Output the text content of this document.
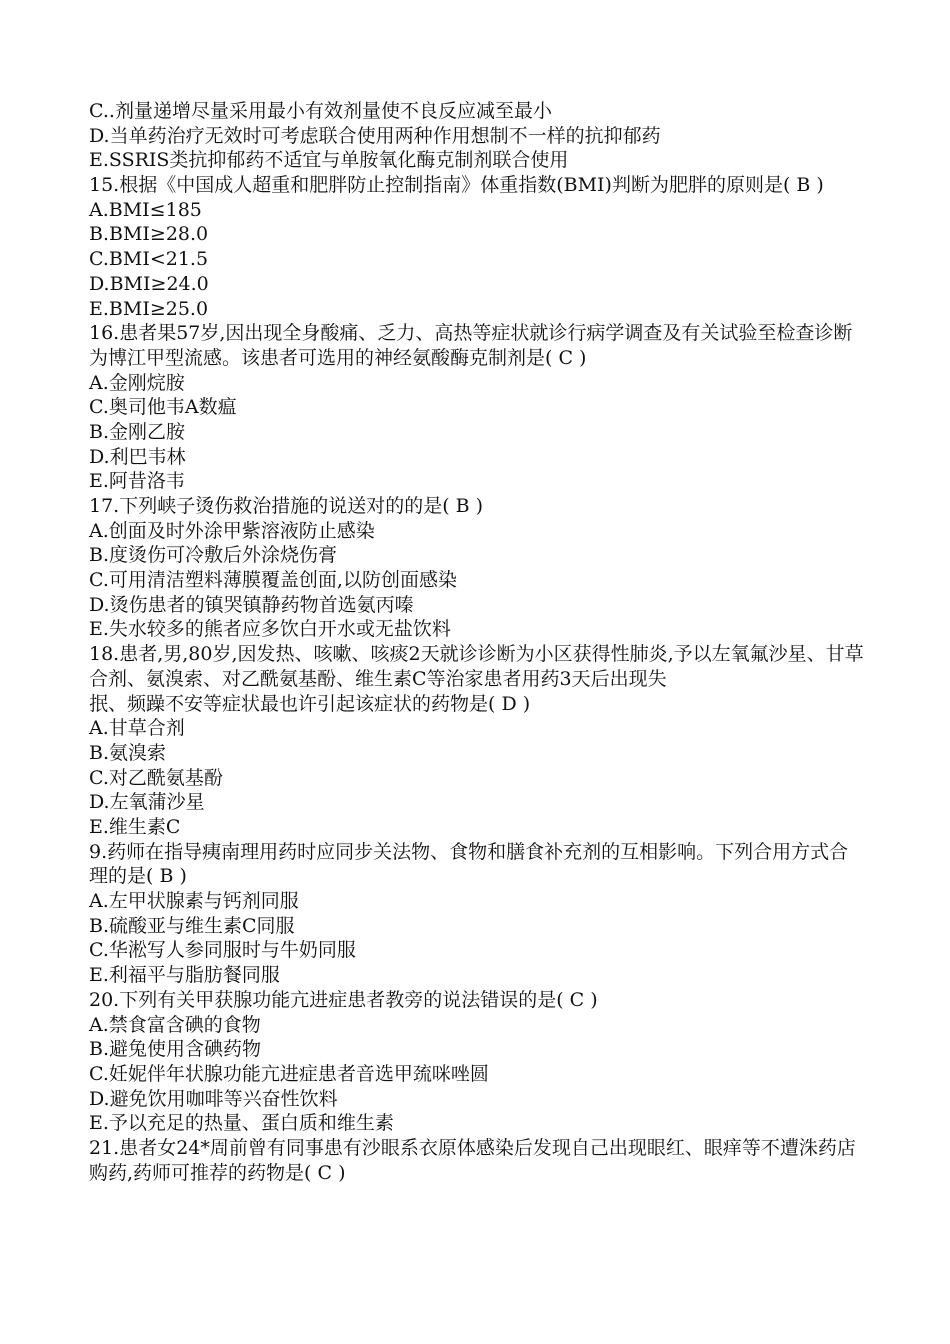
C..剂量递增尽量采用最小有效剂量使不良反应减至最小
D.当单药治疗无效时可考虑联合使用两种作用想制不一样的抗抑郁药
E.SSRIS类抗抑郁药不适宜与单胺氧化酶克制剂联合使用
15.根据《中国成人超重和肥胖防止控制指南》体重指数(BMI)判断为肥胖的原则是( B )
A.BMI≤185
B.BMI≥28.0
C.BMI<21.5
D.BMI≥24.0
E.BMI≥25.0
16.患者果57岁,因出现全身酸痛、乏力、高热等症状就诊行病学调查及有关试验至检查诊断为博江甲型流感。该患者可选用的神经氨酸酶克制剂是( C )
A.金刚烷胺
C.奥司他韦A数瘟
B.金刚乙胺
D.利巴韦林
E.阿昔洛韦
17.下列峡子烫伤救治措施的说送对的的是( B )
A.创面及时外涂甲紫溶液防止感染
B.度烫伤可冷敷后外涂烧伤膏
C.可用清洁塑料薄膜覆盖创面,以防创面感染
D.烫伤患者的镇哭镇静药物首选氨丙嗪
E.失水较多的熊者应多饮白开水或无盐饮料
18.患者,男,80岁,因发热、咳嗽、咳痰2天就诊诊断为小区获得性肺炎,予以左氧氟沙星、甘草合剂、氨溴索、对乙酰氨基酚、维生素C等治家患者用药3天后出现失
抿、频躁不安等症状最也许引起该症状的药物是( D )
A.甘草合剂
B.氨溴索
C.对乙酰氨基酚
D.左氧蒲沙星
E.维生素C
9.药师在指导痍南理用药时应同步关法物、食物和膳食补充剂的互相影响。下列合用方式合理的是( B )
A.左甲状腺素与钙剂同服
B.硫酸亚与维生素C同服
C.华淞写人参同服时与牛奶同服
E.利福平与脂肪餐同服
20.下列有关甲获腺功能亢进症患者教旁的说法错误的是( C )
A.禁食富含碘的食物
B.避兔使用含碘药物
C.妊妮伴年状腺功能亢进症患者音选甲巯咪唑圆
D.避免饮用咖啡等兴奋性饮料
E.予以充足的热量、蛋白质和维生素
21.患者女24*周前曾有同事患有沙眼系衣原体感染后发现自己出现眼红、眼痒等不遭洙药店购药,药师可推荐的药物是( C )
